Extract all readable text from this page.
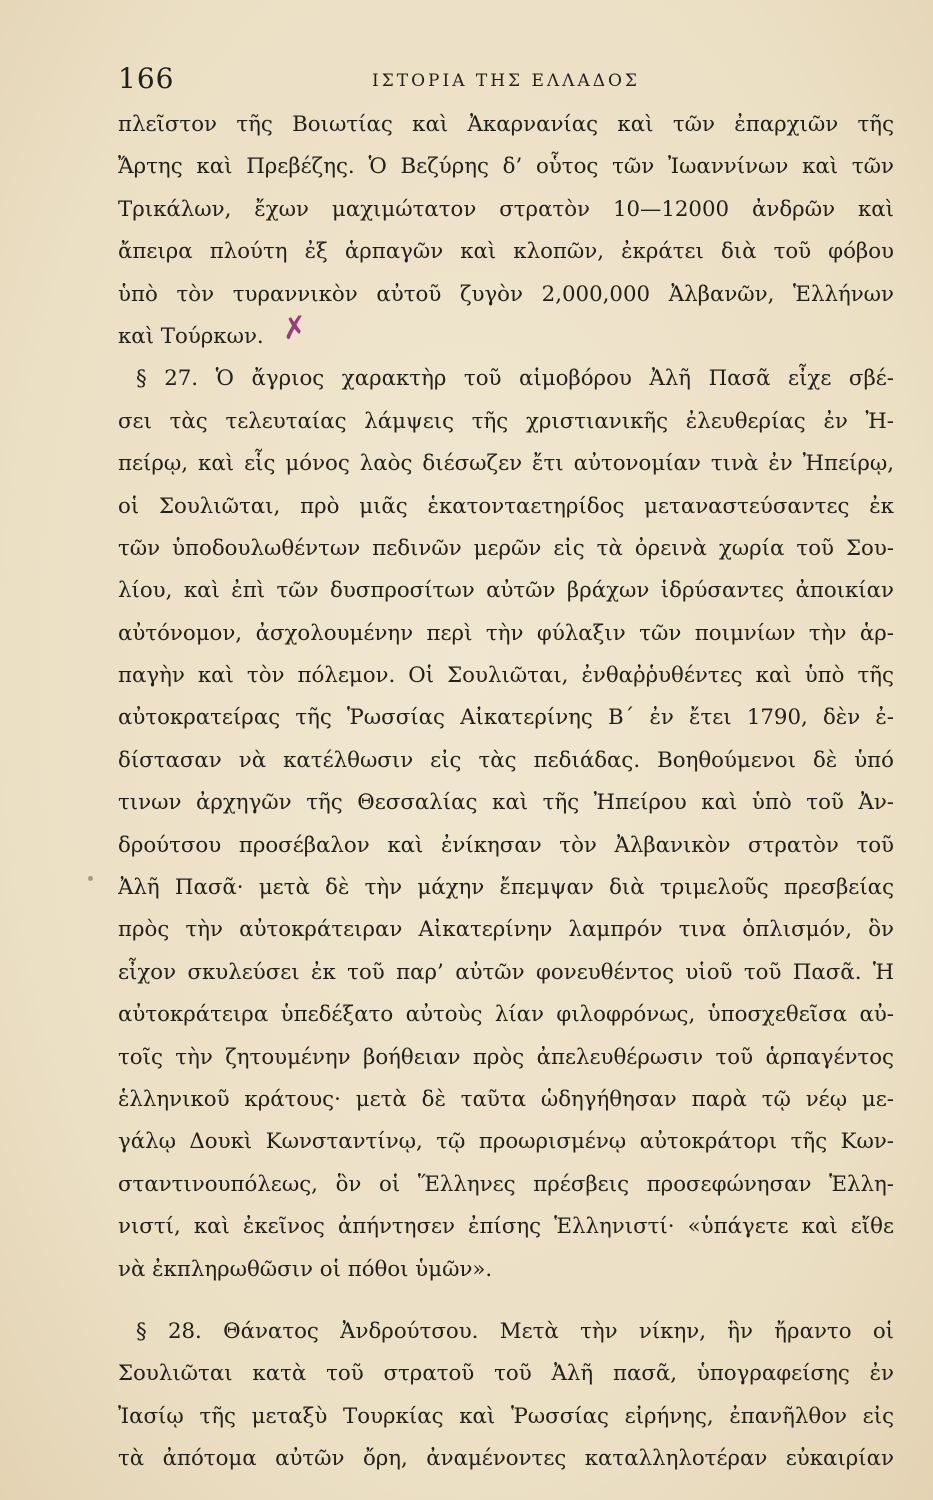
166	ΙΣΤΟΡΙΑ ΤΗΣ ΕΛΛΑΔΟΣ
πλεῖστον τῆς Βοιωτίας καὶ Ἀκαρνανίας καὶ τῶν ἐπαρχιῶν τῆς
Ἄρτης καὶ Πρεβέζης. Ὁ Βεζύρης δ’ οὗτος τῶν Ἰωαννίνων καὶ τῶν
Τρικάλων, ἔχων μαχιμώτατον στρατὸν 10—12000 ἀνδρῶν καὶ
ἄπειρα πλούτη ἐξ ἁρπαγῶν καὶ κλοπῶν, ἐκράτει διὰ τοῦ φόβου
ὑπὸ τὸν τυραννικὸν αὐτοῦ ζυγὸν 2,000,000 Ἀλβανῶν, Ἑλλήνων
καὶ Τούρκων.
§ 27. Ὁ ἄγριος χαρακτὴρ τοῦ αἱμοβόρου Ἀλῆ Πασᾶ εἶχε σβέ-
σει τὰς τελευταίας λάμψεις τῆς χριστιανικῆς ἐλευθερίας ἐν Ἠ-
πείρῳ, καὶ εἷς μόνος λαὸς διέσωζεν ἔτι αὐτονομίαν τινὰ ἐν Ἠπείρῳ,
οἱ Σουλιῶται, πρὸ μιᾶς ἑκατονταετηρίδος μεταναστεύσαντες ἐκ
τῶν ὑποδουλωθέντων πεδινῶν μερῶν εἰς τὰ ὀρεινὰ χωρία τοῦ Σου-
λίου, καὶ ἐπὶ τῶν δυσπροσίτων αὐτῶν βράχων ἱδρύσαντες ἀποικίαν
αὐτόνομον, ἀσχολουμένην περὶ τὴν φύλαξιν τῶν ποιμνίων τὴν ἁρ-
παγὴν καὶ τὸν πόλεμον. Οἱ Σουλιῶται, ἐνθαῤῥυθέντες καὶ ὑπὸ τῆς
αὐτοκρατείρας τῆς Ῥωσσίας Αἰκατερίνης Β´ ἐν ἔτει 1790, δὲν ἐ-
δίστασαν νὰ κατέλθωσιν εἰς τὰς πεδιάδας. Βοηθούμενοι δὲ ὑπό
τινων ἀρχηγῶν τῆς Θεσσαλίας καὶ τῆς Ἠπείρου καὶ ὑπὸ τοῦ Ἀν-
δρούτσου προσέβαλον καὶ ἐνίκησαν τὸν Ἀλβανικὸν στρατὸν τοῦ
Ἀλῆ Πασᾶ· μετὰ δὲ τὴν μάχην ἔπεμψαν διὰ τριμελοῦς πρεσβείας
πρὸς τὴν αὐτοκράτειραν Αἰκατερίνην λαμπρόν τινα ὁπλισμόν, ὃν
εἶχον σκυλεύσει ἐκ τοῦ παρ’ αὐτῶν φονευθέντος υἱοῦ τοῦ Πασᾶ. Ἡ
αὐτοκράτειρα ὑπεδέξατο αὐτοὺς λίαν φιλοφρόνως, ὑποσχεθεῖσα αὐ-
τοῖς τὴν ζητουμένην βοήθειαν πρὸς ἀπελευθέρωσιν τοῦ ἁρπαγέντος
ἑλληνικοῦ κράτους· μετὰ δὲ ταῦτα ὡδηγήθησαν παρὰ τῷ νέῳ με-
γάλῳ Δουκὶ Κωνσταντίνῳ, τῷ προωρισμένῳ αὐτοκράτορι τῆς Κων-
σταντινουπόλεως, ὃν οἱ Ἕλληνες πρέσβεις προσεφώνησαν Ἑλλη-
νιστί, καὶ ἐκεῖνος ἀπήντησεν ἐπίσης Ἑλληνιστί· «ὑπάγετε καὶ εἴθε
νὰ ἐκπληρωθῶσιν οἱ πόθοι ὑμῶν».
§ 28. Θάνατος Ἀνδρούτσου. Μετὰ τὴν νίκην, ἣν ἤραντο οἱ
Σουλιῶται κατὰ τοῦ στρατοῦ τοῦ Ἀλῆ πασᾶ, ὑπογραφείσης ἐν
Ἰασίῳ τῆς μεταξὺ Τουρκίας καὶ Ῥωσσίας εἰρήνης, ἐπανῆλθον εἰς
τὰ ἀπότομα αὐτῶν ὄρη, ἀναμένοντες καταλληλοτέραν εὐκαιρίαν
✗
